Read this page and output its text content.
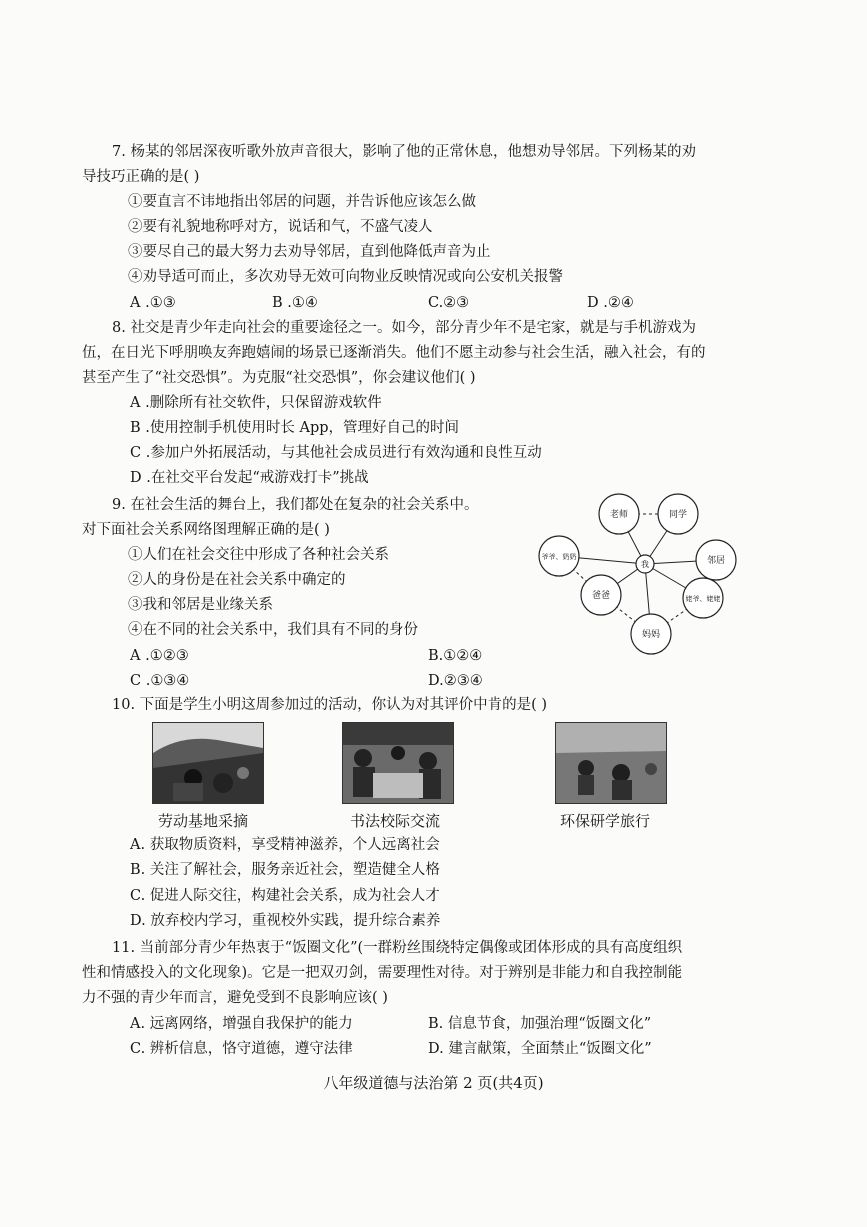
7. 杨某的邻居深夜听歌外放声音很大，影响了他的正常休息，他想劝导邻居。下列杨某的劝
导技巧正确的是( )
①要直言不讳地指出邻居的问题，并告诉他应该怎么做
②要有礼貌地称呼对方，说话和气，不盛气凌人
③要尽自己的最大努力去劝导邻居，直到他降低声音为止
④劝导适可而止，多次劝导无效可向物业反映情况或向公安机关报警
A .①③	B .①④	C.②③	D .②④
8. 社交是青少年走向社会的重要途径之一。如今，部分青少年不是宅家，就是与手机游戏为
伍，在日光下呼朋唤友奔跑嬉闹的场景已逐渐消失。他们不愿主动参与社会生活，融入社会，有的
甚至产生了“社交恐惧”。为克服“社交恐惧”，你会建议他们( )
A .删除所有社交软件，只保留游戏软件
B .使用控制手机使用时长 App，管理好自己的时间
C .参加户外拓展活动，与其他社会成员进行有效沟通和良性互动
D .在社交平台发起“戒游戏打卡”挑战
9. 在社会生活的舞台上，我们都处在复杂的社会关系中。
对下面社会关系网络图理解正确的是( )
①人们在社会交往中形成了各种社会关系
②人的身份是在社会关系中确定的
③我和邻居是业缘关系
④在不同的社会关系中，我们具有不同的身份
A .①②③	B.①②④
C .①③④	D.②③④
老师	同学
爷爷、奶奶	邻居
爸爸	姥爷、姥姥
妈妈
我
10. 下面是学生小明这周参加过的活动，你认为对其评价中肯的是( )
劳动基地采摘	书法校际交流	环保研学旅行
A. 获取物质资料，享受精神滋养，个人远离社会
B. 关注了解社会，服务亲近社会，塑造健全人格
C. 促进人际交往，构建社会关系，成为社会人才
D. 放弃校内学习，重视校外实践，提升综合素养
11. 当前部分青少年热衷于“饭圈文化”(一群粉丝围绕特定偶像或团体形成的具有高度组织
性和情感投入的文化现象)。它是一把双刃剑，需要理性对待。对于辨别是非能力和自我控制能
力不强的青少年而言，避免受到不良影响应该( )
A. 远离网络，增强自我保护的能力	B. 信息节食，加强治理“饭圈文化”
C. 辨析信息，恪守道德，遵守法律	D. 建言献策，全面禁止“饭圈文化”
八年级道德与法治第 2 页(共4页)
